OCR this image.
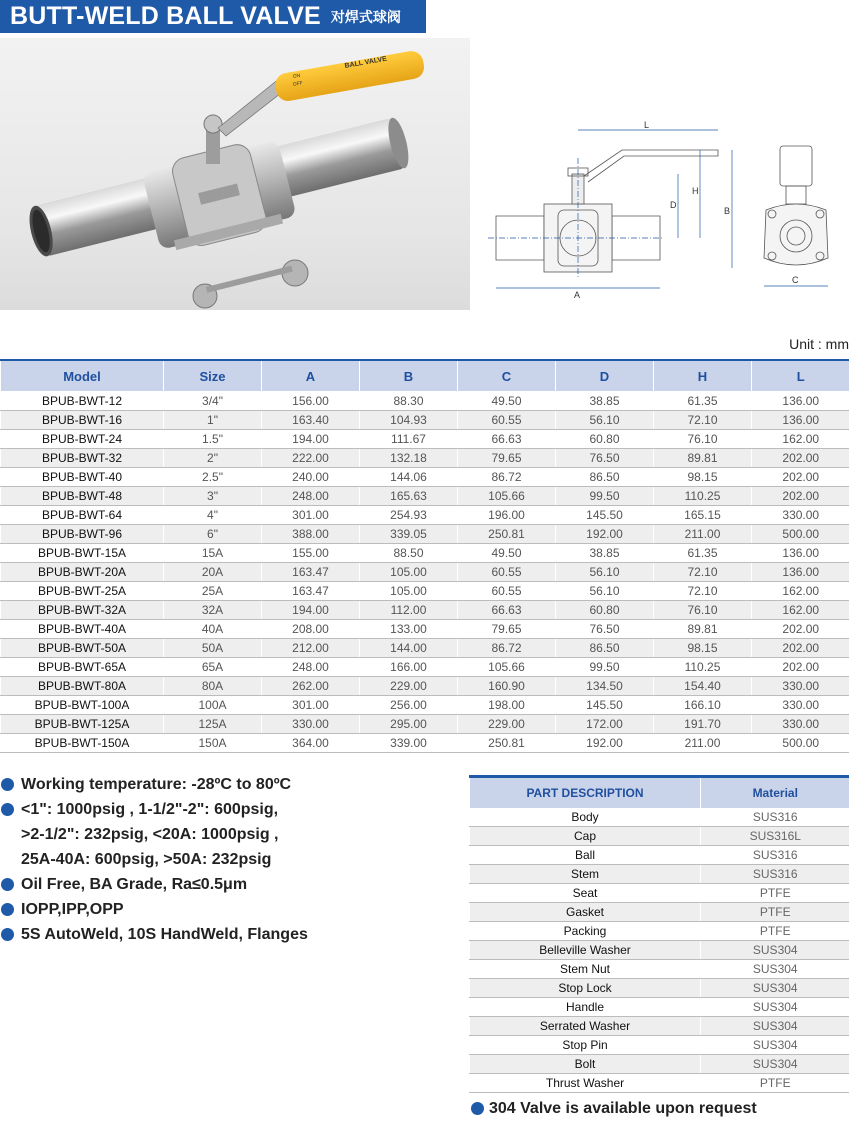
BUTT-WELD BALL VALVE 对焊式球阀
BALL VALVE
ON
OFF
L
A
D
H
B
C
Unit : mm
Model	Size	A	B	C	D	H	L
BPUB-BWT-12	3/4"	156.00	88.30	49.50	38.85	61.35	136.00
BPUB-BWT-16	1"	163.40	104.93	60.55	56.10	72.10	136.00
BPUB-BWT-24	1.5"	194.00	111.67	66.63	60.80	76.10	162.00
BPUB-BWT-32	2"	222.00	132.18	79.65	76.50	89.81	202.00
BPUB-BWT-40	2.5"	240.00	144.06	86.72	86.50	98.15	202.00
BPUB-BWT-48	3"	248.00	165.63	105.66	99.50	110.25	202.00
BPUB-BWT-64	4"	301.00	254.93	196.00	145.50	165.15	330.00
BPUB-BWT-96	6"	388.00	339.05	250.81	192.00	211.00	500.00
BPUB-BWT-15A	15A	155.00	88.50	49.50	38.85	61.35	136.00
BPUB-BWT-20A	20A	163.47	105.00	60.55	56.10	72.10	136.00
BPUB-BWT-25A	25A	163.47	105.00	60.55	56.10	72.10	162.00
BPUB-BWT-32A	32A	194.00	112.00	66.63	60.80	76.10	162.00
BPUB-BWT-40A	40A	208.00	133.00	79.65	76.50	89.81	202.00
BPUB-BWT-50A	50A	212.00	144.00	86.72	86.50	98.15	202.00
BPUB-BWT-65A	65A	248.00	166.00	105.66	99.50	110.25	202.00
BPUB-BWT-80A	80A	262.00	229.00	160.90	134.50	154.40	330.00
BPUB-BWT-100A	100A	301.00	256.00	198.00	145.50	166.10	330.00
BPUB-BWT-125A	125A	330.00	295.00	229.00	172.00	191.70	330.00
BPUB-BWT-150A	150A	364.00	339.00	250.81	192.00	211.00	500.00
Working temperature: -28ºC to 80ºC
<1": 1000psig , 1-1/2"-2": 600psig,
>2-1/2": 232psig, <20A: 1000psig ,
25A-40A: 600psig, >50A: 232psig
Oil Free, BA Grade, Ra≤0.5μm
IOPP,IPP,OPP
5S AutoWeld, 10S HandWeld, Flanges
PART DESCRIPTION	Material
Body	SUS316
Cap	SUS316L
Ball	SUS316
Stem	SUS316
Seat	PTFE
Gasket	PTFE
Packing	PTFE
Belleville Washer	SUS304
Stem Nut	SUS304
Stop Lock	SUS304
Handle	SUS304
Serrated Washer	SUS304
Stop Pin	SUS304
Bolt	SUS304
Thrust Washer	PTFE
304 Valve is available upon request
